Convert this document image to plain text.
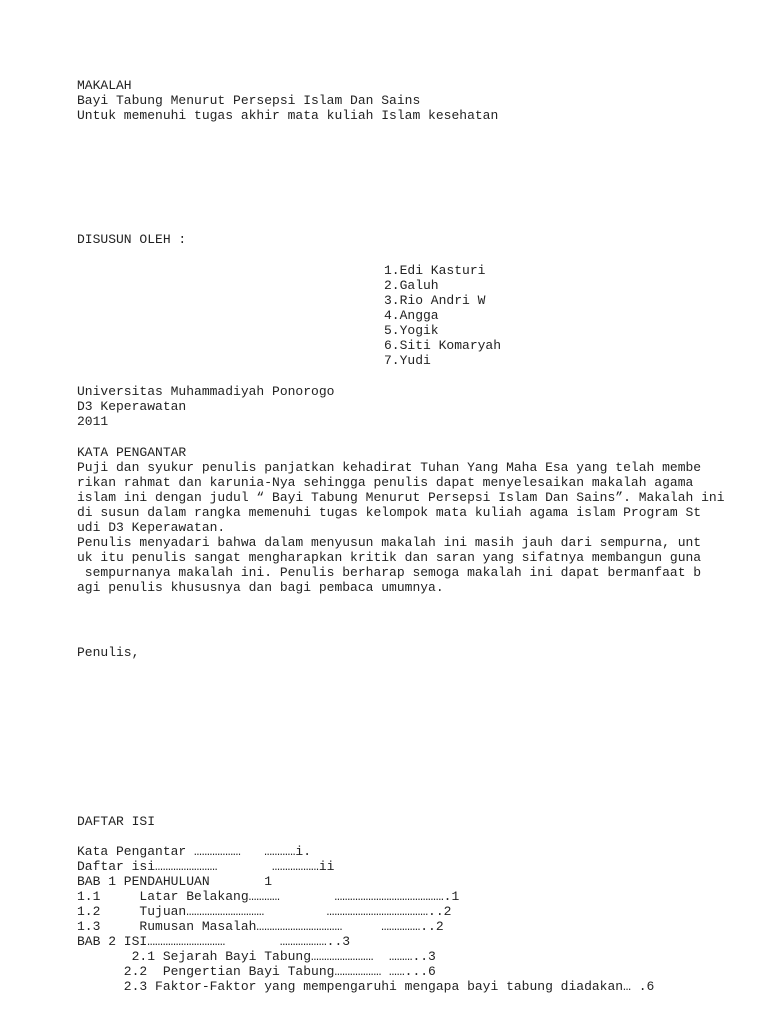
MAKALAH
Bayi Tabung Menurut Persepsi Islam Dan Sains
Untuk memenuhi tugas akhir mata kuliah Islam kesehatan
DISUSUN OLEH :
1.Edi Kasturi
2.Galuh
3.Rio Andri W
4.Angga
5.Yogik
6.Siti Komaryah
7.Yudi
Universitas Muhammadiyah Ponorogo
D3 Keperawatan
2011
KATA PENGANTAR
Puji dan syukur penulis panjatkan kehadirat Tuhan Yang Maha Esa yang telah membe
rikan rahmat dan karunia-Nya sehingga penulis dapat menyelesaikan makalah agama
islam ini dengan judul “ Bayi Tabung Menurut Persepsi Islam Dan Sains”. Makalah ini
di susun dalam rangka memenuhi tugas kelompok mata kuliah agama islam Program St
udi D3 Keperawatan.
Penulis menyadari bahwa dalam menyusun makalah ini masih jauh dari sempurna, unt
uk itu penulis sangat mengharapkan kritik dan saran yang sifatnya membangun guna
sempurnanya makalah ini. Penulis berharap semoga makalah ini dapat bermanfaat b
agi penulis khususnya dan bagi pembaca umumnya.
Penulis,
DAFTAR ISI
Kata Pengantar ………………   …………i.
Daftar isi……………………       ………………ii
BAB 1 PENDAHULUAN       1
1.1     Latar Belakang…………       …………………………………….1
1.2     Tujuan…………………………        …………………………………..2
1.3     Rumusan Masalah……………………………     ……………..2
BAB 2 ISI…………………………       ………………..3
2.1 Sejarah Bayi Tabung……………………  ………..3
2.2  Pengertian Bayi Tabung……………… ……...6
2.3 Faktor-Faktor yang mempengaruhi mengapa bayi tabung diadakan… .6
